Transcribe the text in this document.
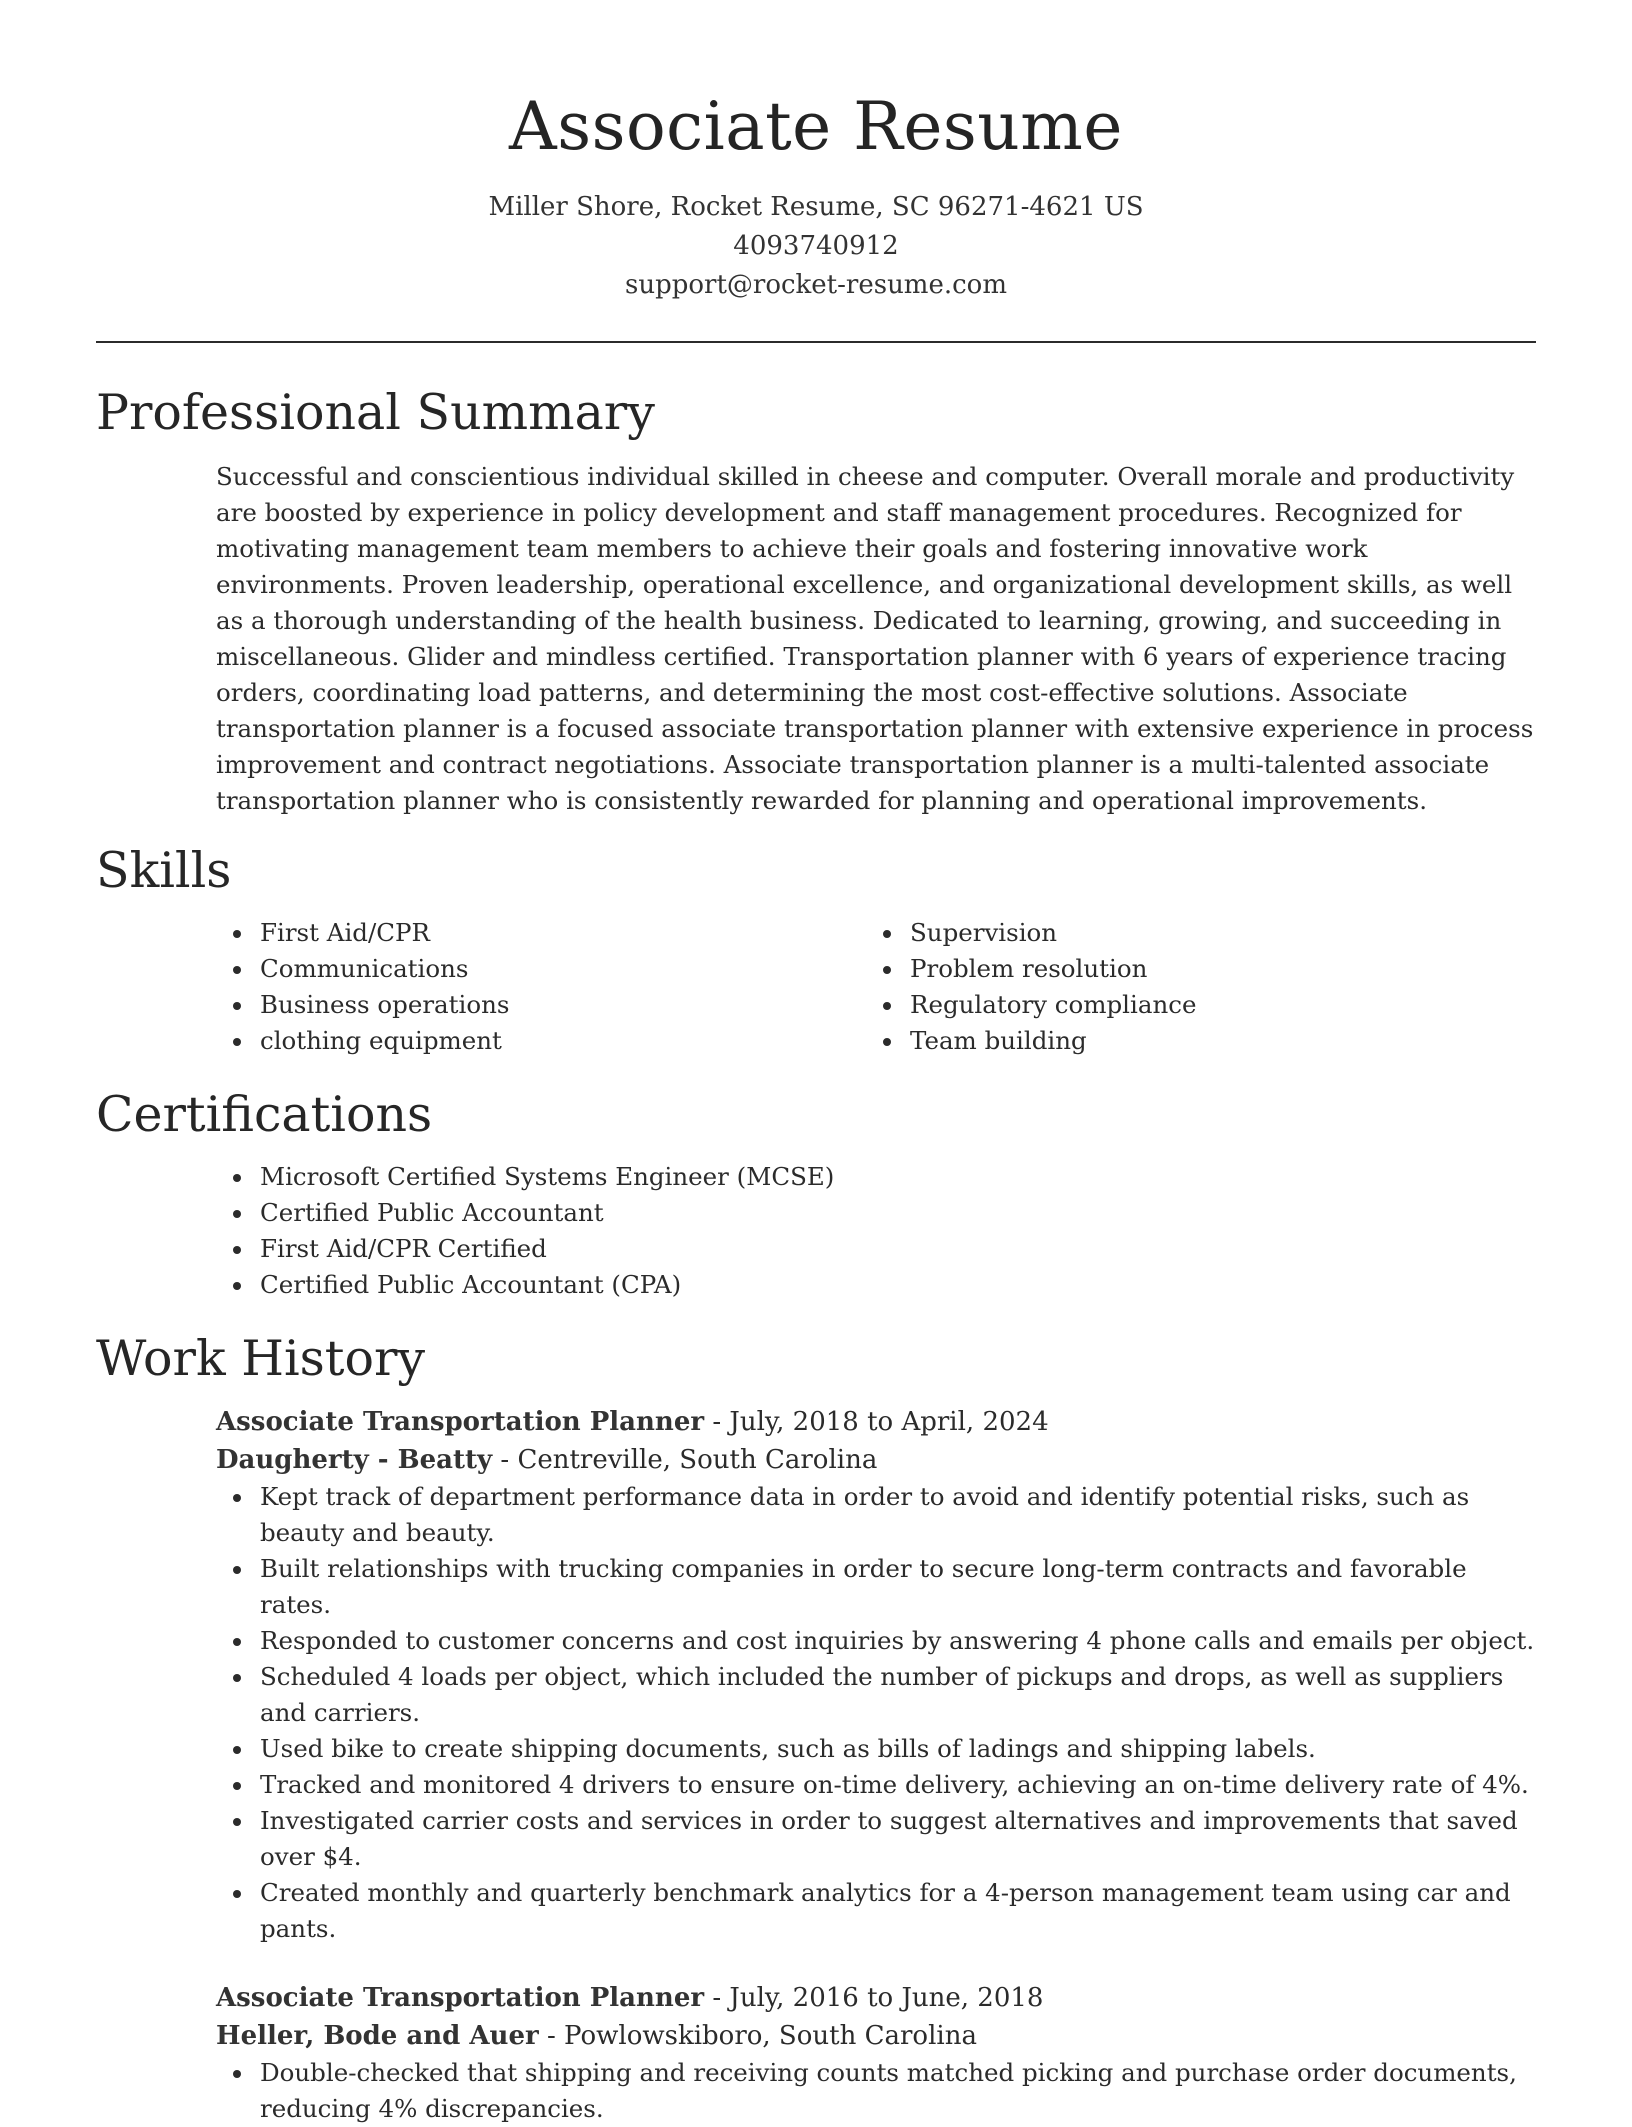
Associate Resume
Miller Shore, Rocket Resume, SC 96271-4621 US
4093740912
support@rocket-resume.com
Professional Summary
Successful and conscientious individual skilled in cheese and computer. Overall morale and productivity are boosted by experience in policy development and staff management procedures. Recognized for motivating management team members to achieve their goals and fostering innovative work environments. Proven leadership, operational excellence, and organizational development skills, as well as a thorough understanding of the health business. Dedicated to learning, growing, and succeeding in miscellaneous. Glider and mindless certified. Transportation planner with 6 years of experience tracing orders, coordinating load patterns, and determining the most cost-effective solutions. Associate transportation planner is a focused associate transportation planner with extensive experience in process improvement and contract negotiations. Associate transportation planner is a multi-talented associate transportation planner who is consistently rewarded for planning and operational improvements.
Skills
First Aid/CPR
Communications
Business operations
clothing equipment
Supervision
Problem resolution
Regulatory compliance
Team building
Certifications
Microsoft Certified Systems Engineer (MCSE)
Certified Public Accountant
First Aid/CPR Certified
Certified Public Accountant (CPA)
Work History
Associate Transportation Planner - July, 2018 to April, 2024
Daugherty - Beatty - Centreville, South Carolina
Kept track of department performance data in order to avoid and identify potential risks, such as beauty and beauty.
Built relationships with trucking companies in order to secure long-term contracts and favorable rates.
Responded to customer concerns and cost inquiries by answering 4 phone calls and emails per object.
Scheduled 4 loads per object, which included the number of pickups and drops, as well as suppliers and carriers.
Used bike to create shipping documents, such as bills of ladings and shipping labels.
Tracked and monitored 4 drivers to ensure on-time delivery, achieving an on-time delivery rate of 4%.
Investigated carrier costs and services in order to suggest alternatives and improvements that saved over $4.
Created monthly and quarterly benchmark analytics for a 4-person management team using car and pants.
Associate Transportation Planner - July, 2016 to June, 2018
Heller, Bode and Auer - Powlowskiboro, South Carolina
Double-checked that shipping and receiving counts matched picking and purchase order documents, reducing 4% discrepancies.
